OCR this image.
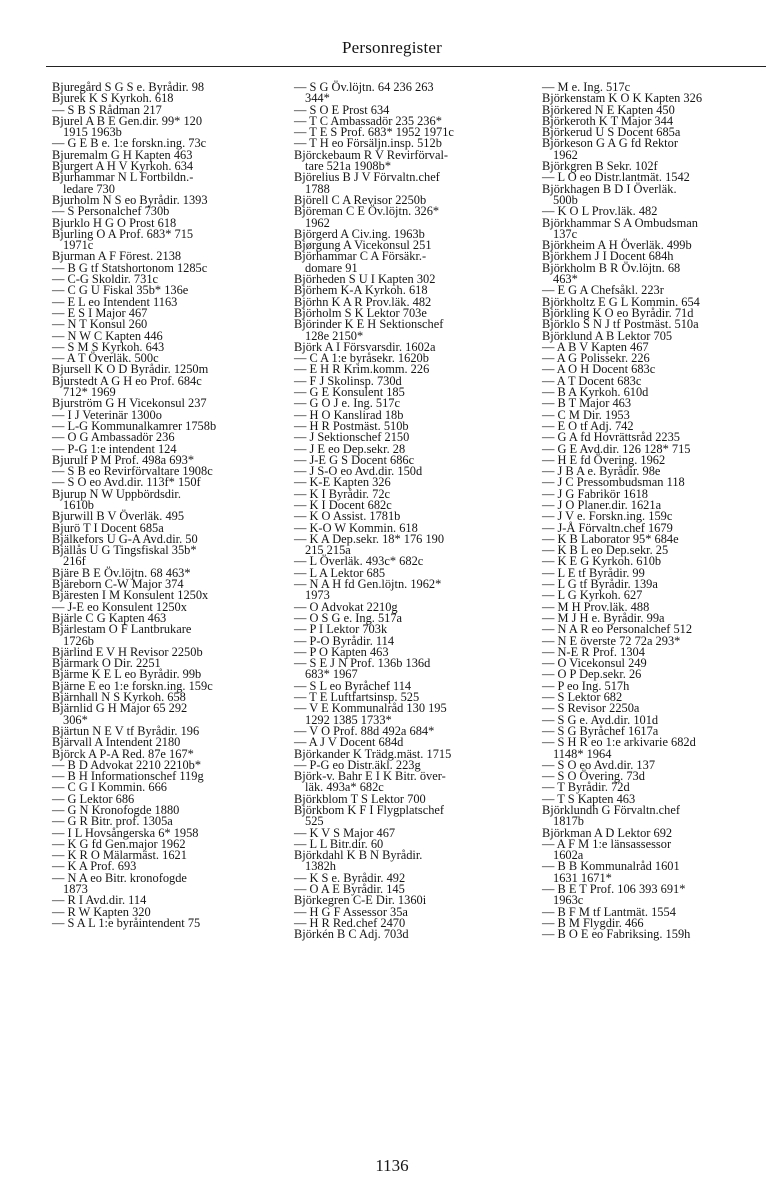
Personregister
Bjuregård S G S e. Byrådir. 98
Bjurek K S Kyrkoh. 618
— S B S Rådman 217
Bjurel A B E Gen.dir. 99* 120
1915 1963b
— G E B e. 1:e forskn.ing. 73c
Bjuremalm G H Kapten 463
Bjurgert A H V Kyrkoh. 634
Bjurhammar N L Fortbildn.-
ledare 730
Bjurholm N S eo Byrådir. 1393
— S Personalchef 730b
Bjurklo H G O Prost 618
Bjurling O A Prof. 683* 715
1971c
Bjurman A F Förest. 2138
— B G tf Statshortonom 1285c
— C-G Skoldir. 731c
— C G U Fiskal 35b* 136e
— E L eo Intendent 1163
— E S I Major 467
— N T Konsul 260
— N W C Kapten 446
— S M S Kyrkoh. 643
— A T Överläk. 500c
Bjursell K O D Byrådir. 1250m
Bjurstedt A G H eo Prof. 684c
712* 1969
Bjurström G H Vicekonsul 237
— I J Veterinär 1300o
— L-G Kommunalkamrer 1758b
— O G Ambassadör 236
— P-G 1:e intendent 124
Bjurulf P M Prof. 498a 693*
— S B eo Revirförvaltare 1908c
— S O eo Avd.dir. 113f* 150f
Bjurup N W Uppbördsdir.
1610b
Bjurwill B V Överläk. 495
Bjurö T I Docent 685a
Bjälkefors U G-A Avd.dir. 50
Bjällås U G Tingsfiskal 35b*
216f
Bjäre B E Öv.löjtn. 68 463*
Bjäreborn C-W Major 374
Bjäresten I M Konsulent 1250x
— J-E eo Konsulent 1250x
Bjärle C G Kapten 463
Bjärlestam O F Lantbrukare
1726b
Bjärlind E V H Revisor 2250b
Bjärmark O Dir. 2251
Bjärme K E L eo Byrådir. 99b
Bjärne E eo 1:e forskn.ing. 159c
Bjärnhall N S Kyrkoh. 658
Bjärnlid G H Major 65 292
306*
Bjärtun N E V tf Byrådir. 196
Bjärvall A Intendent 2180
Björck A P-A Red. 87e 167*
— B D Advokat 2210 2210b*
— B H Informationschef 119g
— C G I Kommin. 666
— G Lektor 686
— G N Kronofogde 1880
— G R Bitr. prof. 1305a
— I L Hovsångerska 6* 1958
— K G fd Gen.major 1962
— K R O Mälarmäst. 1621
— K A Prof. 693
— N A eo Bitr. kronofogde
1873
— R I Avd.dir. 114
— R W Kapten 320
— S A L 1:e byråintendent 75
— S G Öv.löjtn. 64 236 263
344*
— S O E Prost 634
— T C Ambassadör 235 236*
— T E S Prof. 683* 1952 1971c
— T H eo Försäljn.insp. 512b
Björckebaum R V Revirförval-
tare 521a 1908b*
Björelius B J V Förvaltn.chef
1788
Björell C A Revisor 2250b
Björeman C E Öv.löjtn. 326*
1962
Björgerd A Civ.ing. 1963b
Bjørgung A Vicekonsul 251
Björhammar C A Försäkr.-
domare 91
Björheden S U I Kapten 302
Björhem K-A Kyrkoh. 618
Björhn K A R Prov.läk. 482
Björholm S K Lektor 703e
Björinder K E H Sektionschef
128e 2150*
Björk A I Försvarsdir. 1602a
— C A 1:e byråsekr. 1620b
— E H R Krim.komm. 226
— F J Skolinsp. 730d
— G E Konsulent 185
— G O J e. Ing. 517c
— H O Kanslirad 18b
— H R Postmäst. 510b
— J Sektionschef 2150
— J E eo Dep.sekr. 28
— J-E G S Docent 686c
— J S-O eo Avd.dir. 150d
— K-E Kapten 326
— K I Byrådir. 72c
— K I Docent 682c
— K O Assist. 1781b
— K-O W Kommin. 618
— K A Dep.sekr. 18* 176 190
215 215a
— L Överläk. 493c* 682c
— L A Lektor 685
— N A H fd Gen.löjtn. 1962*
1973
— O Advokat 2210g
— O S G e. Ing. 517a
— P I Lektor 703k
— P-O Byrådir. 114
— P O Kapten 463
— S E J N Prof. 136b 136d
683* 1967
— S L eo Byråchef 114
— T E Luftfartsinsp. 525
— V E Kommunalråd 130 195
1292 1385 1733*
— V O Prof. 88d 492a 684*
— A J V Docent 684d
Björkander K Trädg.mäst. 1715
— P-G eo Distr.äkl. 223g
Björk-v. Bahr E I K Bitr. över-
läk. 493a* 682c
Björkblom T S Lektor 700
Björkbom K F I Flygplatschef
525
— K V S Major 467
— L L Bitr.dir. 60
Björkdahl K B N Byrådir.
1382h
— K S e. Byrådir. 492
— O A E Byrådir. 145
Björkegren C-E Dir. 1360i
— H G F Assessor 35a
— H R Red.chef 2470
Björkén B C Adj. 703d
— M e. Ing. 517c
Björkenstam K O K Kapten 326
Björkered N E Kapten 450
Björkeroth K T Major 344
Björkerud U S Docent 685a
Björkeson G A G fd Rektor
1962
Björkgren B Sekr. 102f
— L O eo Distr.lantmät. 1542
Björkhagen B D I Överläk.
500b
— K O L Prov.läk. 482
Björkhammar S A Ombudsman
137c
Björkheim A H Överläk. 499b
Björkhem J I Docent 684h
Björkholm B R Öv.löjtn. 68
463*
— E G A Chefsåkl. 223r
Björkholtz E G L Kommin. 654
Björkling K O eo Byrådir. 71d
Björklo S N J tf Postmäst. 510a
Björklund A B Lektor 705
— A B V Kapten 467
— A G Polissekr. 226
— A O H Docent 683c
— A T Docent 683c
— B A Kyrkoh. 610d
— B T Major 463
— C M Dir. 1953
— E O tf Adj. 742
— G A fd Hovrättsråd 2235
— G E Avd.dir. 126 128* 715
— H E fd Övering. 1962
— J B A e. Byrådir. 98e
— J C Pressombudsman 118
— J G Fabrikör 1618
— J O Planer.dir. 1621a
— J V e. Forskn.ing. 159c
— J-Å Förvaltn.chef 1679
— K B Laborator 95* 684e
— K B L eo Dep.sekr. 25
— K E G Kyrkoh. 610b
— L E tf Byrådir. 99
— L G tf Byrådir. 139a
— L G Kyrkoh. 627
— M H Prov.läk. 488
— M J H e. Byrådir. 99a
— N A R eo Personalchef 512
— N E överste 72 72a 293*
— N-E R Prof. 1304
— O Vicekonsul 249
— O P Dep.sekr. 26
— P eo Ing. 517h
— S Lektor 682
— S Revisor 2250a
— S G e. Avd.dir. 101d
— S G Byråchef 1617a
— S H R eo 1:e arkivarie 682d
1148* 1964
— S O eo Avd.dir. 137
— S O Övering. 73d
— T Byrådir. 72d
— T S Kapten 463
Björklundh G Förvaltn.chef
1817b
Björkman A D Lektor 692
— A F M 1:e länsassessor
1602a
— B B Kommunalråd 1601
1631 1671*
— B E T Prof. 106 393 691*
1963c
— B F M tf Lantmät. 1554
— B M Flygdir. 466
— B O E eo Fabriksing. 159h
1136
